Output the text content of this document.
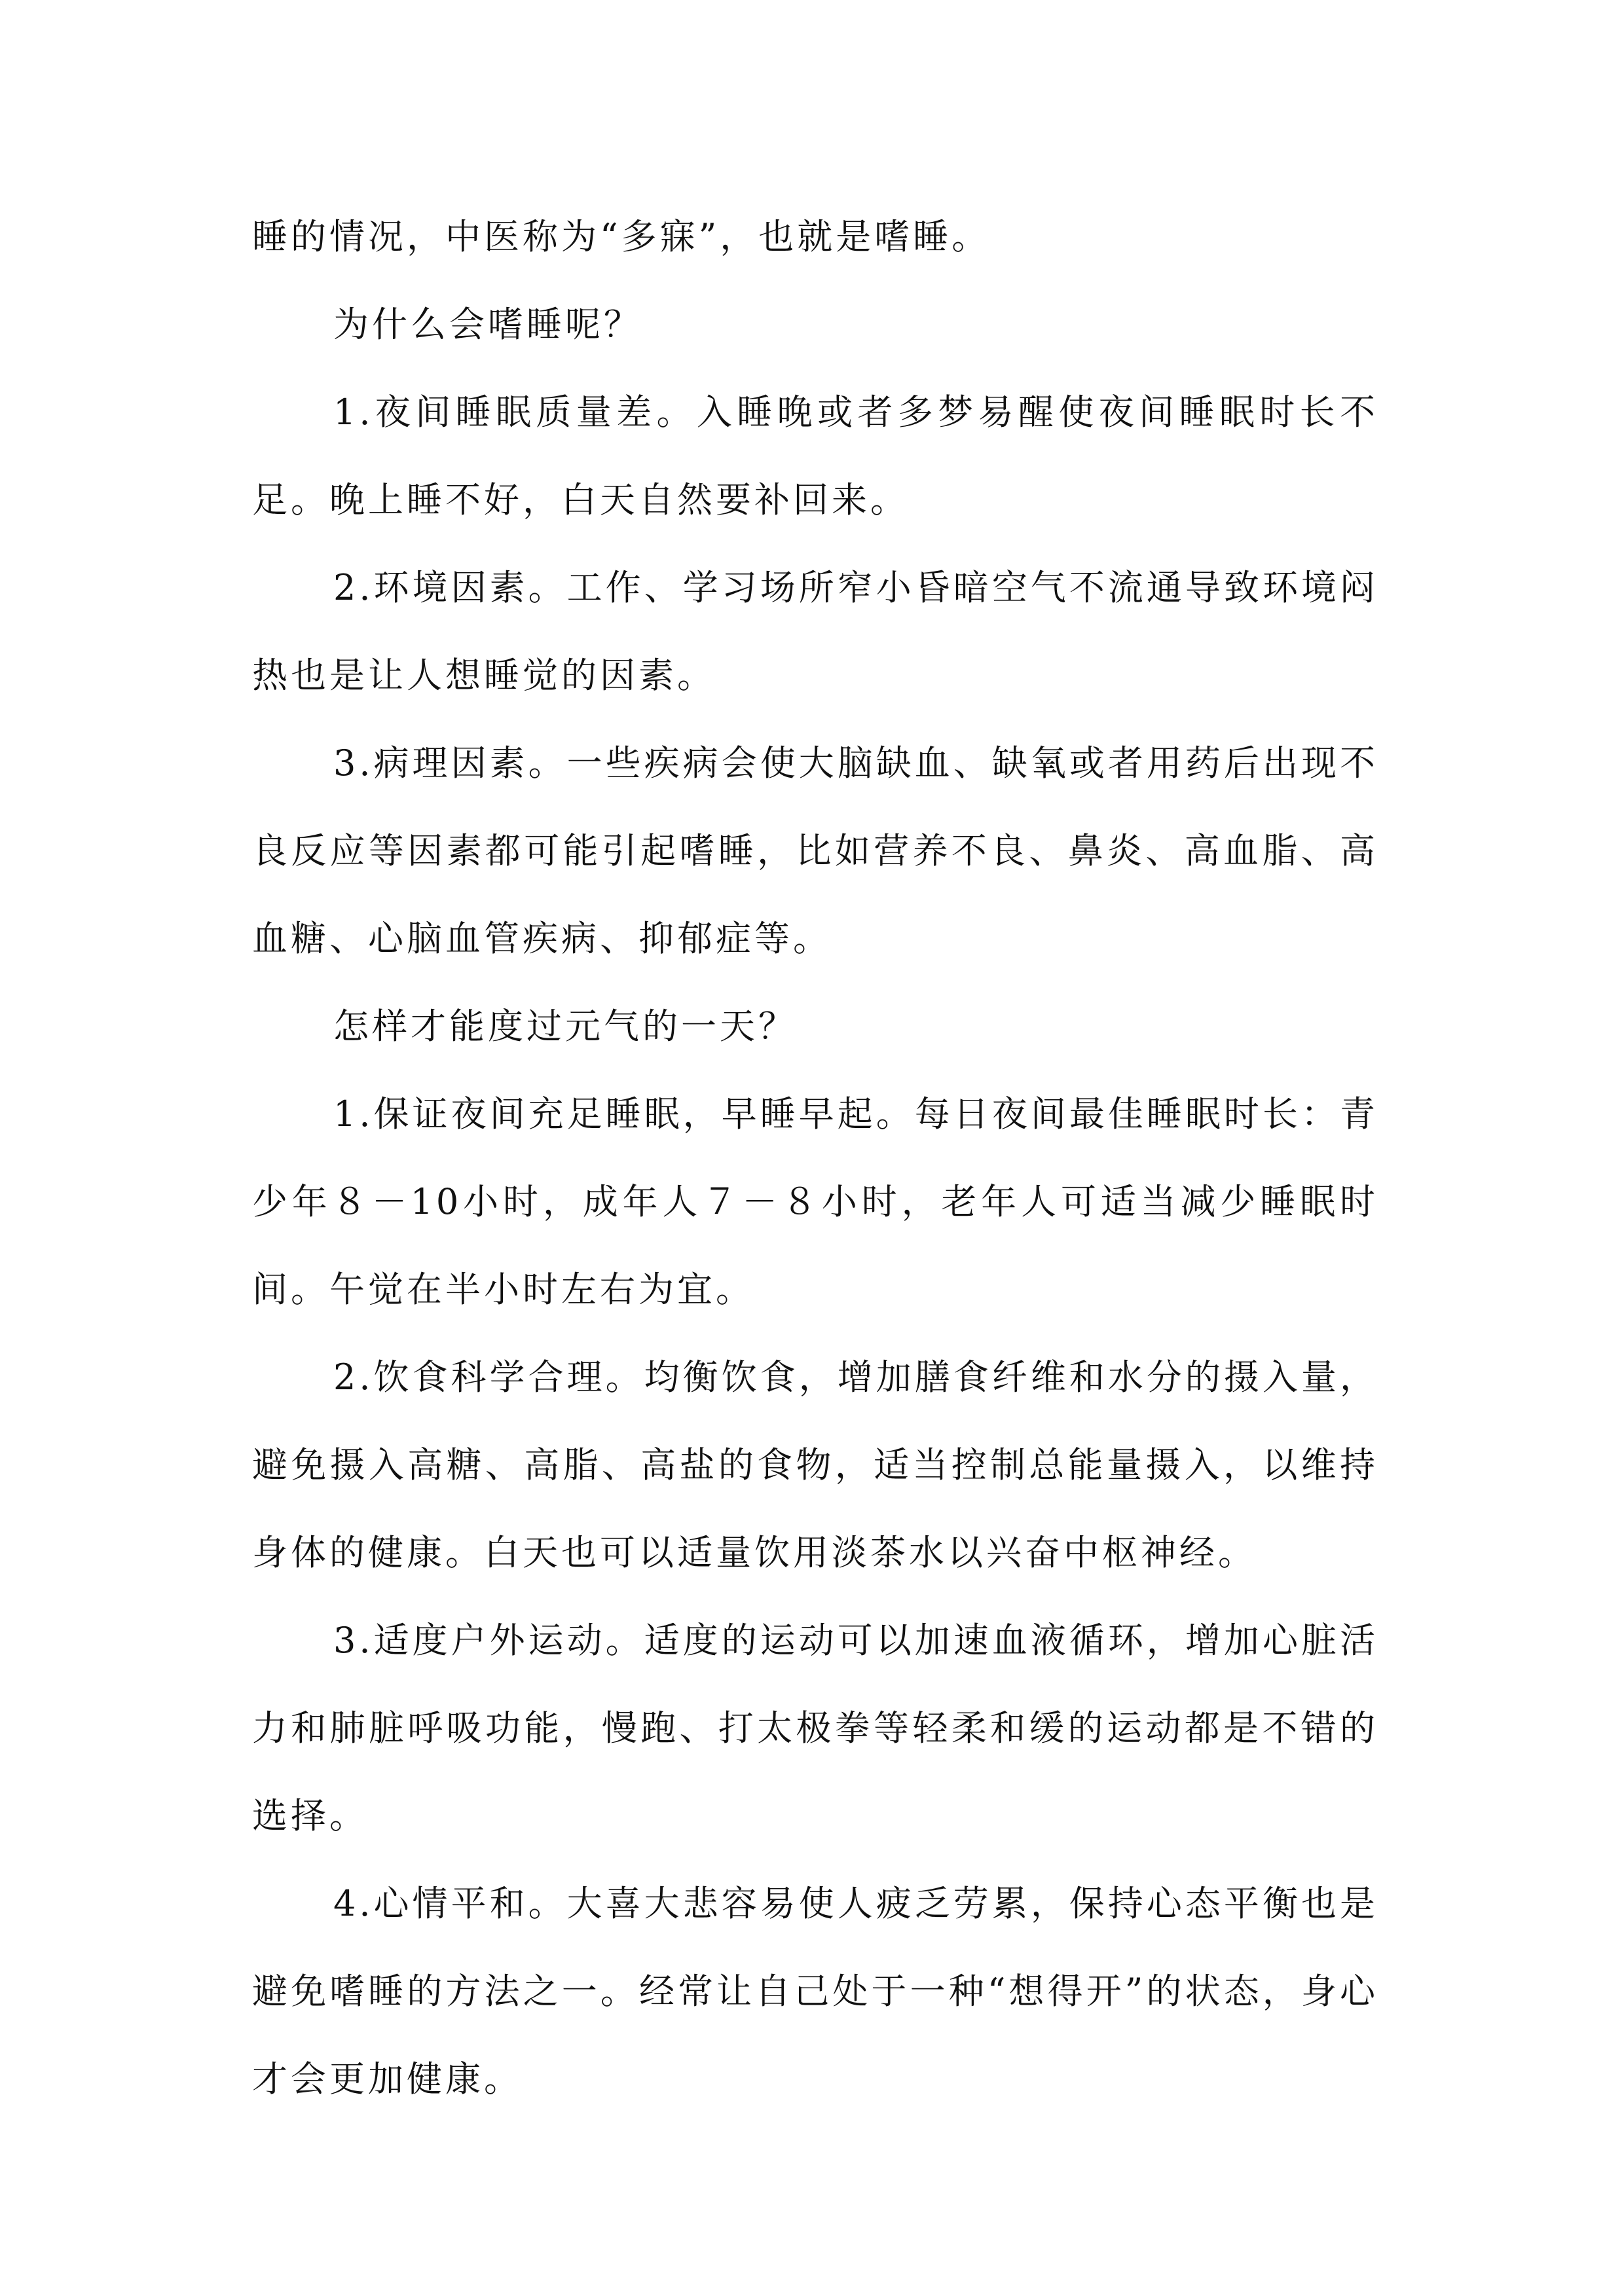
睡的情况，中医称为“多寐”，也就是嗜睡。

为什么会嗜睡呢？

1.夜间睡眠质量差。入睡晚或者多梦易醒使夜间睡眠时长不足。晚上睡不好，白天自然要补回来。

2.环境因素。工作、学习场所窄小昏暗空气不流通导致环境闷热也是让人想睡觉的因素。

3.病理因素。一些疾病会使大脑缺血、缺氧或者用药后出现不良反应等因素都可能引起嗜睡，比如营养不良、鼻炎、高血脂、高血糖、心脑血管疾病、抑郁症等。

怎样才能度过元气的一天？

1.保证夜间充足睡眠，早睡早起。每日夜间最佳睡眠时长：青少年８－10小时，成年人７－８小时，老年人可适当减少睡眠时间。午觉在半小时左右为宜。

2.饮食科学合理。均衡饮食，增加膳食纤维和水分的摄入量，避免摄入高糖、高脂、高盐的食物，适当控制总能量摄入，以维持身体的健康。白天也可以适量饮用淡茶水以兴奋中枢神经。

3.适度户外运动。适度的运动可以加速血液循环，增加心脏活力和肺脏呼吸功能，慢跑、打太极拳等轻柔和缓的运动都是不错的选择。

4.心情平和。大喜大悲容易使人疲乏劳累，保持心态平衡也是避免嗜睡的方法之一。经常让自己处于一种“想得开”的状态，身心才会更加健康。
